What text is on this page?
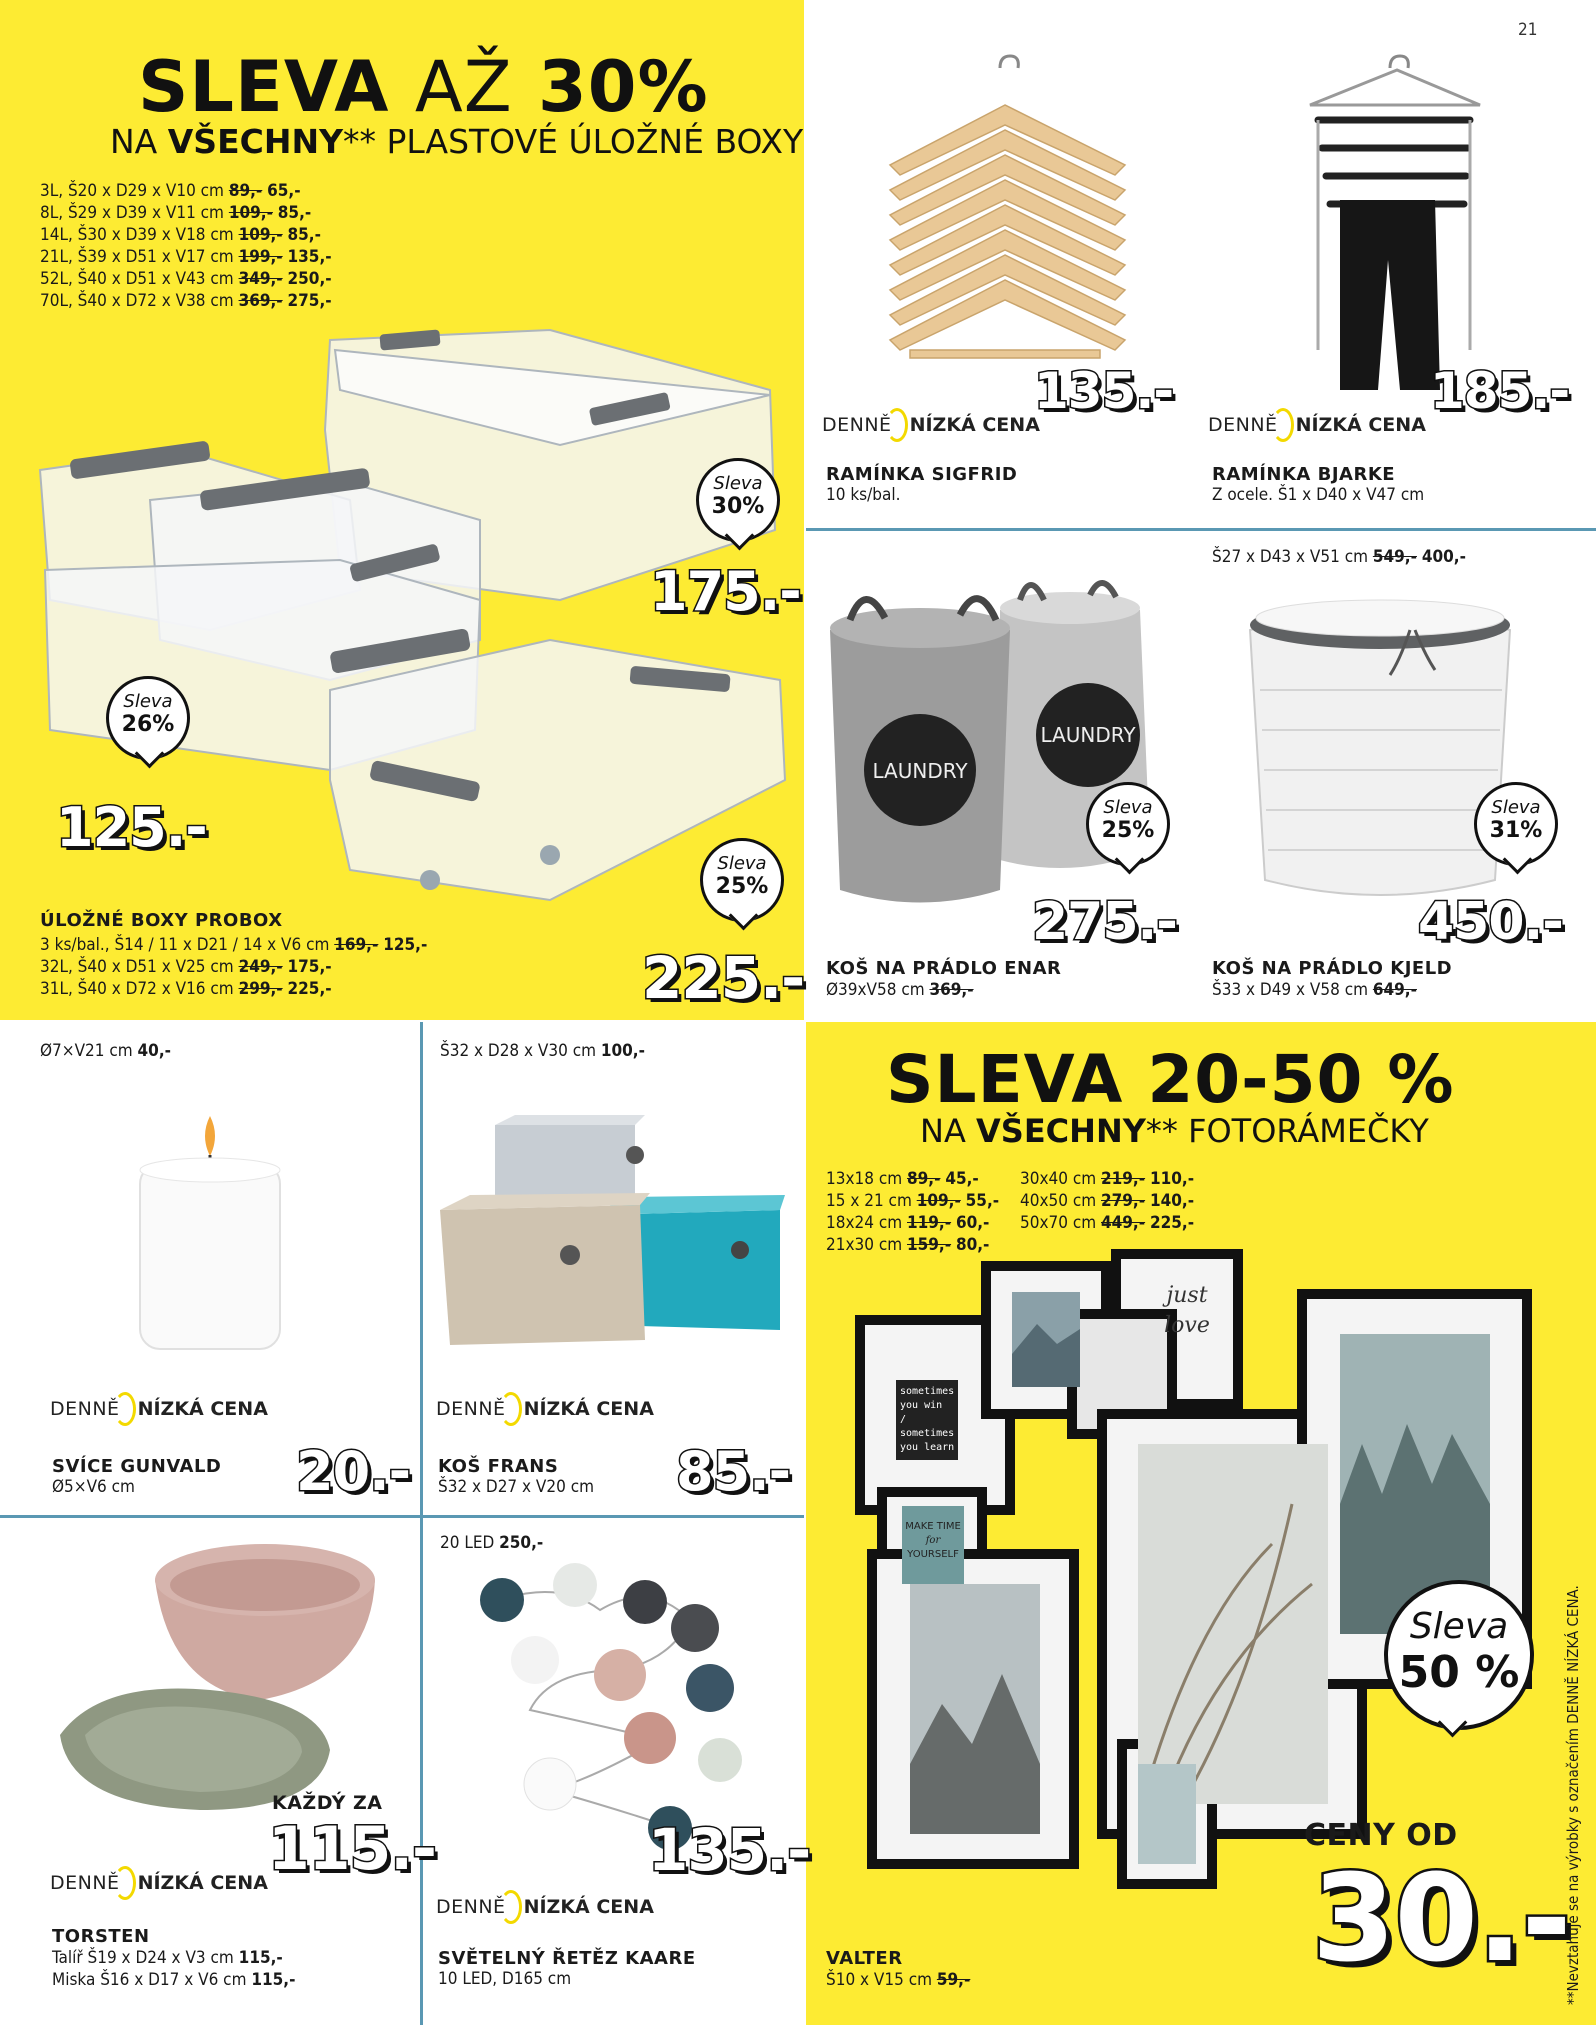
21
SLEVA AŽ 30%
NA VŠECHNY** PLASTOVÉ ÚLOŽNÉ BOXY
3L, Š20 x D29 x V10 cm 89,- 65,-
8L, Š29 x D39 x V11 cm 109,- 85,-
14L, Š30 x D39 x V18 cm 109,- 85,-
21L, Š39 x D51 x V17 cm 199,- 135,-
52L, Š40 x D51 x V43 cm 349,- 250,-
70L, Š40 x D72 x V38 cm 369,- 275,-
Sleva
30%
Sleva
26%
Sleva
25%
175.-
125.-
225.-
ÚLOŽNÉ BOXY PROBOX
3 ks/bal., Š14 / 11 x D21 / 14 x V6 cm 169,- 125,-
32L, Š40 x D51 x V25 cm 249,- 175,-
31L, Š40 x D72 x V16 cm 299,- 225,-
135.-
DENNĚ NÍZKÁ CENA
RAMÍNKA SIGFRID
10 ks/bal.
185.-
DENNĚ NÍZKÁ CENA
RAMÍNKA BJARKE
Z ocele. Š1 x D40 x V47 cm
LAUNDRY
LAUNDRY
Sleva
25%
275.-
KOŠ NA PRÁDLO ENAR
Ø39xV58 cm 369,-
Š27 x D43 x V51 cm 549,- 400,-
Sleva
31%
450.-
KOŠ NA PRÁDLO KJELD
Š33 x D49 x V58 cm 649,-
Ø7×V21 cm 40,-
DENNĚ NÍZKÁ CENA
SVÍCE GUNVALD
Ø5×V6 cm	20.-
Š32 x D28 x V30 cm 100,-
DENNĚ NÍZKÁ CENA
KOŠ FRANS
Š32 x D27 x V20 cm 85.-
KAŽDÝ ZA
115.-
DENNĚ NÍZKÁ CENA
TORSTEN
Talíř Š19 x D24 x V3 cm 115,-
Miska Š16 x D17 x V6 cm 115,-
20 LED 250,-
135.-
DENNĚ NÍZKÁ CENA
SVĚTELNÝ ŘETĚZ KAARE
10 LED, D165 cm
SLEVA 20-50 %
NA VŠECHNY** FOTORÁMEČKY
13x18 cm 89,- 45,-
15 x 21 cm 109,- 55,-
18x24 cm 119,- 60,-
21x30 cm 159,- 80,-
30x40 cm 219,- 110,-
40x50 cm 279,- 140,-
50x70 cm 449,- 225,-
just
love
MAKE TIME
for
YOURSELF
sometimes
you win
/
sometimes
you learn
Sleva
50 %
CENY OD
30.-
VALTER
Š10 x V15 cm 59,-	**Nevztahuje se na výrobky s označením DENNĚ NÍZKÁ CENA.
